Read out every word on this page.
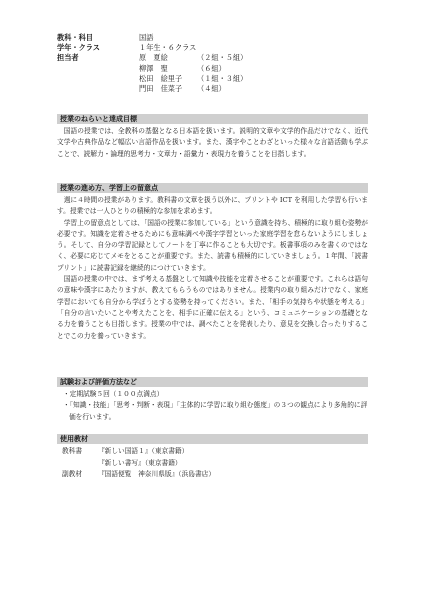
教科・科目	国語
学年・クラス	１年生・６クラス
担当者	原　夏絵	（２組・５組）
柳澤　聖	（６組）
松田　絵里子	（１組・３組）
門田　佳菜子	（４組）
授業のねらいと達成目標

国語の授業では、全教科の基盤となる日本語を扱います。説明的文章や文学的作品だけでなく、近代文学や古典作品など幅広い言語作品を扱います。また、漢字やことわざといった様々な言語活動も学ぶことで、読解力・論理的思考力・文章力・語彙力・表現力を養うことを目指します。

授業の進め方、学習上の留意点

週に４時間の授業があります。教科書の文章を扱う以外に、プリントや ICT を利用した学習も行います。授業では一人ひとりの積極的な参加を求めます。

学習上の留意点としては、「国語の授業に参加している」という意識を持ち、積極的に取り組む姿勢が必要です。知識を定着させるためにも意味調べや漢字学習といった家庭学習を怠らないようにしましょう。そして、自分の学習記録としてノートを丁寧に作ることも大切です。板書事項のみを書くのではなく、必要に応じてメモをとることが重要です。また、読書も積極的にしていきましょう。１年間、「読書プリント」に読書記録を継続的につけていきます。

国語の授業の中では、まず考える基盤として知識や技能を定着させることが重要です。これらは語句の意味や漢字にあたりますが、教えてもらうものではありません。授業内の取り組みだけでなく、家庭学習においても自分から学ぼうとする姿勢を持ってください。また、「相手の気持ちや状態を考える」「自分の言いたいことや考えたことを、相手に正確に伝える」という、コミュニケーションの基礎となる力を養うことも目指します。授業の中では、調べたことを発表したり、意見を交換し合ったりすることでこの力を養っていきます。

試験および評価方法など

・定期試験５回（１００点満点）

・「知識・技能」「思考・判断・表現」「主体的に学習に取り組む態度」の３つの観点により多角的に評価を行います。

使用教材
教科書	『新しい国語１』（東京書籍）
『新しい書写』（東京書籍）
副教材	『国語便覧　神奈川県版』（浜島書店）
